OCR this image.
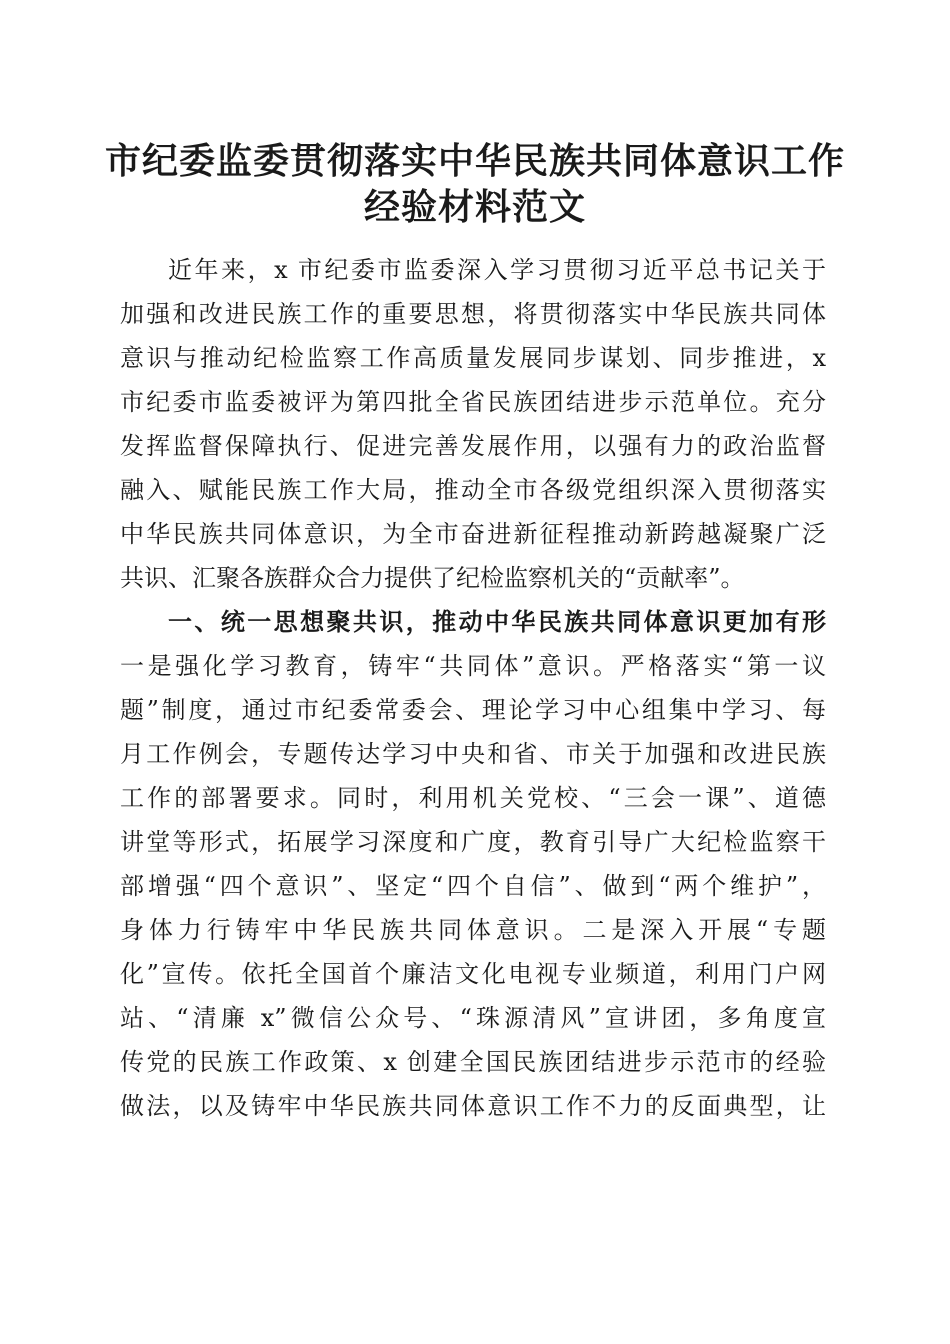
市纪委监委贯彻落实中华民族共同体意识工作
经验材料范文
近年来，x 市纪委市监委深入学习贯彻习近平总书记关于
加强和改进民族工作的重要思想，将贯彻落实中华民族共同体
意识与推动纪检监察工作高质量发展同步谋划、同步推进，x
市纪委市监委被评为第四批全省民族团结进步示范单位。充分
发挥监督保障执行、促进完善发展作用，以强有力的政治监督
融入、赋能民族工作大局，推动全市各级党组织深入贯彻落实
中华民族共同体意识，为全市奋进新征程推动新跨越凝聚广泛
共识、汇聚各族群众合力提供了纪检监察机关的“贡献率”。
一、统一思想聚共识，推动中华民族共同体意识更加有形
一是强化学习教育，铸牢“共同体”意识。严格落实“第一议
题”制度，通过市纪委常委会、理论学习中心组集中学习、每
月工作例会，专题传达学习中央和省、市关于加强和改进民族
工作的部署要求。同时，利用机关党校、“三会一课”、道德
讲堂等形式，拓展学习深度和广度，教育引导广大纪检监察干
部增强“四个意识”、坚定“四个自信”、做到“两个维护”，
身体力行铸牢中华民族共同体意识。二是深入开展“专题
化”宣传。依托全国首个廉洁文化电视专业频道，利用门户网
站、“清廉 x”微信公众号、“珠源清风”宣讲团，多角度宣
传党的民族工作政策、x 创建全国民族团结进步示范市的经验
做法，以及铸牢中华民族共同体意识工作不力的反面典型，让
